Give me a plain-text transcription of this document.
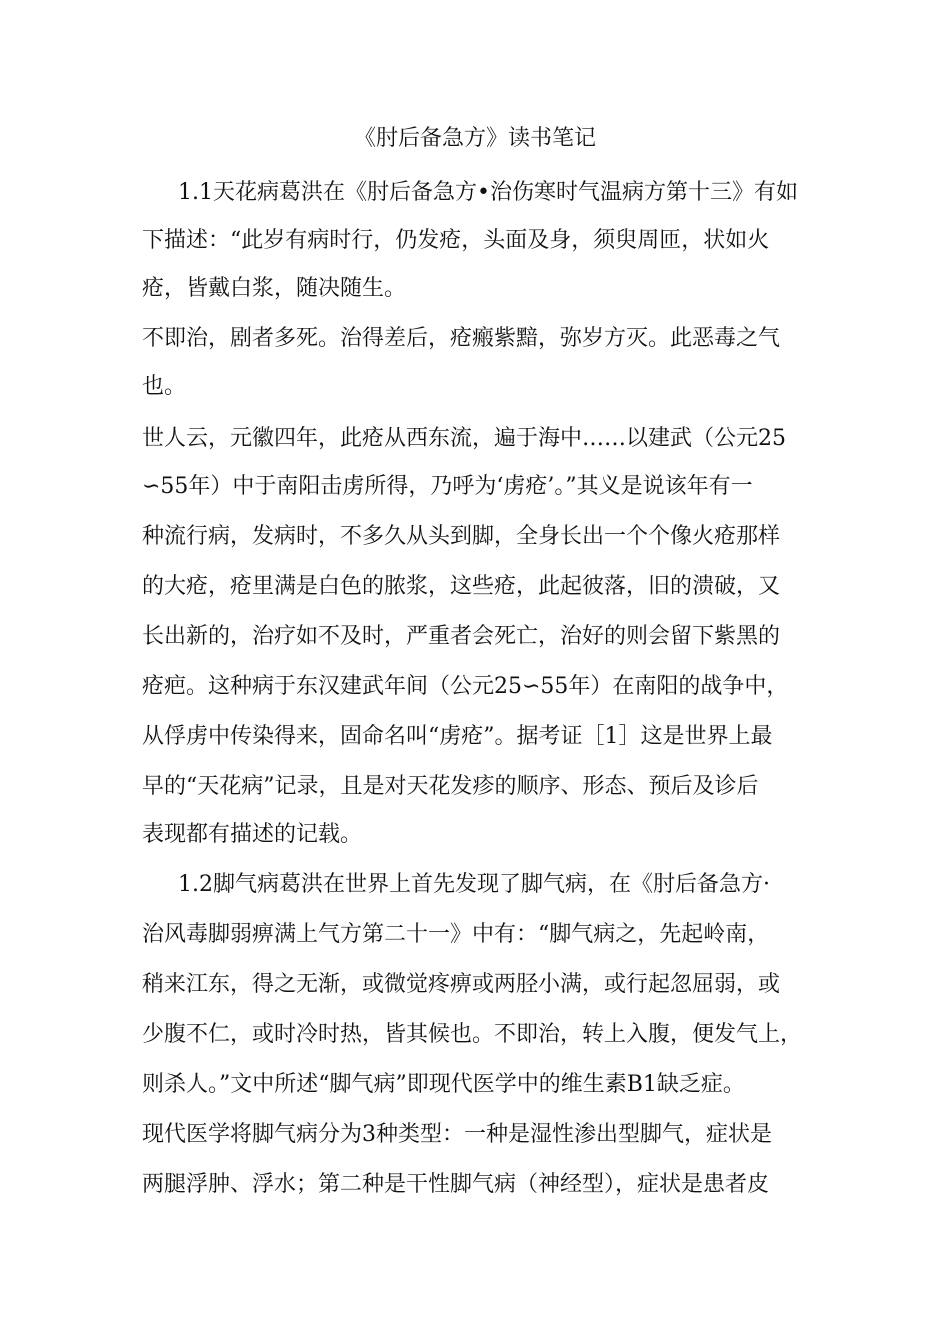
《肘后备急方》读书笔记
1.1天花病葛洪在《肘后备急方•治伤寒时气温病方第十三》有如
下描述：“此岁有病时行，仍发疮，头面及身，须臾周匝，状如火
疮，皆戴白浆，随决随生。
不即治，剧者多死。治得差后，疮瘢紫黯，弥岁方灭。此恶毒之气
也。
世人云，元徽四年，此疮从西东流，遍于海中……以建武（公元25
∽55年）中于南阳击虏所得，乃呼为‘虏疮’。”其义是说该年有一
种流行病，发病时，不多久从头到脚，全身长出一个个像火疮那样
的大疮，疮里满是白色的脓浆，这些疮，此起彼落，旧的溃破，又
长出新的，治疗如不及时，严重者会死亡，治好的则会留下紫黑的
疮疤。这种病于东汉建武年间（公元25∽55年）在南阳的战争中，
从俘虏中传染得来，固命名叫“虏疮”。据考证［1］这是世界上最
早的“天花病”记录，且是对天花发疹的顺序、形态、预后及诊后
表现都有描述的记载。
1.2脚气病葛洪在世界上首先发现了脚气病，在《肘后备急方·
治风毒脚弱痹满上气方第二十一》中有：“脚气病之，先起岭南，
稍来江东，得之无渐，或微觉疼痹或两胫小满，或行起忽屈弱，或
少腹不仁，或时冷时热，皆其候也。不即治，转上入腹，便发气上，
则杀人。”文中所述“脚气病”即现代医学中的维生素B1缺乏症。
现代医学将脚气病分为3种类型：一种是湿性渗出型脚气，症状是
两腿浮肿、浮水；第二种是干性脚气病（神经型），症状是患者皮
